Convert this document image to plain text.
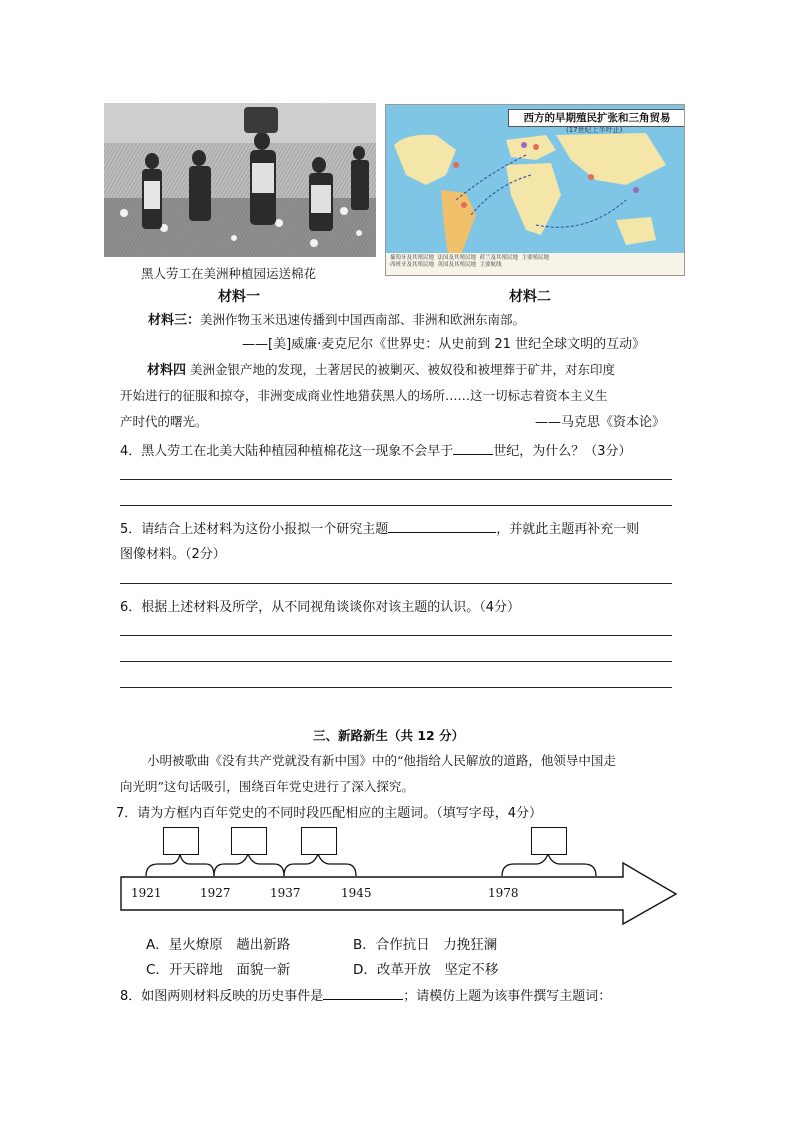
西方的早期殖民扩张和三角贸易
(17世纪上半叶止)
葡萄牙及其殖民地 法国及其殖民地 荷兰及其殖民地 主要殖民地
西班牙及其殖民地 英国及其殖民地 主要航线
黑人劳工在美洲种植园运送棉花
材料一	材料二
材料三：美洲作物玉米迅速传播到中国西南部、非洲和欧洲东南部。
——[美]威廉·麦克尼尔《世界史：从史前到 21 世纪全球文明的互动》
材料四 美洲金银产地的发现，土著居民的被剿灭、被奴役和被埋葬于矿井，对东印度
开始进行的征服和掠夺，非洲变成商业性地猎获黑人的场所……这一切标志着资本主义生
产时代的曙光。	——马克思《资本论》
4．黑人劳工在北美大陆种植园种植棉花这一现象不会早于	世纪，为什么？（3分）
5．请结合上述材料为这份小报拟一个研究主题	，并就此主题再补充一则
图像材料。（2分）
6．根据上述材料及所学，从不同视角谈谈你对该主题的认识。（4分）
三、新路新生（共 12 分）
小明被歌曲《没有共产党就没有新中国》中的“他指给人民解放的道路，他领导中国走
向光明”这句话吸引，围绕百年党史进行了深入探究。
7．请为方框内百年党史的不同时段匹配相应的主题词。（填写字母，4分）
1921	1927	1937	1945	1978
A．星火燎原　趟出新路	B．合作抗日　力挽狂澜
C．开天辟地　面貌一新	D．改革开放　坚定不移
8．如图两则材料反映的历史事件是	；请模仿上题为该事件撰写主题词：
